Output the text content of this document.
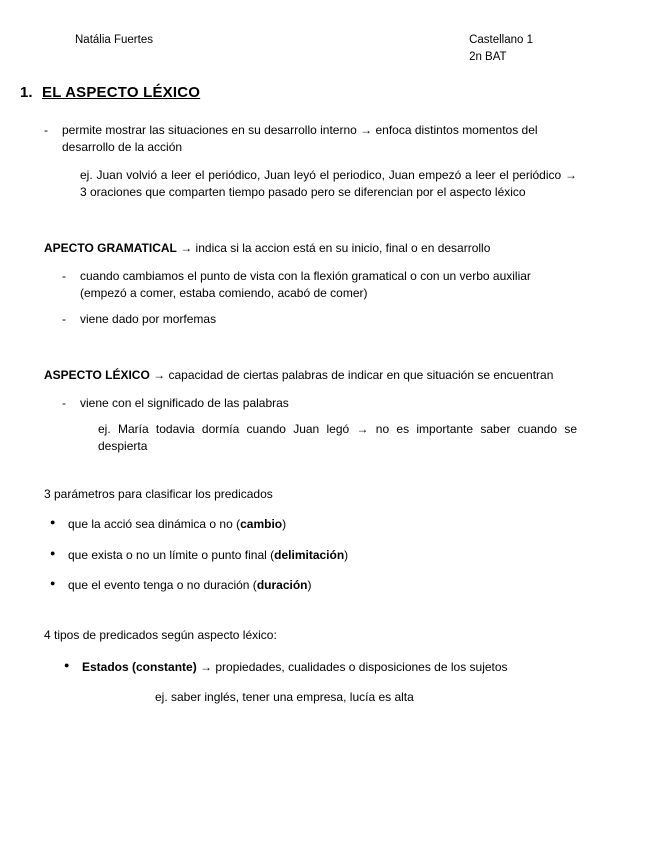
Natália Fuertes	Castellano 1
2n BAT
1. EL ASPECTO LÉXICO
-	permite mostrar las situaciones en su desarrollo interno → enfoca distintos momentos del desarrollo de la acción
ej. Juan volvió a leer el periódico, Juan leyó el periodico, Juan empezó a leer el periódico → 3 oraciones que comparten tiempo pasado pero se diferencian por el aspecto léxico
APECTO GRAMATICAL → indica si la accion está en su inicio, final o en desarrollo
-	cuando cambiamos el punto de vista con la flexión gramatical o con un verbo auxiliar (empezó a comer, estaba comiendo, acabó de comer)
-	viene dado por morfemas
ASPECTO LÉXICO → capacidad de ciertas palabras de indicar en que situación se encuentran
-	viene con el significado de las palabras
ej. María todavia dormía cuando Juan legó → no es importante saber cuando se despierta
3 parámetros para clasificar los predicados
●	que la acció sea dinámica o no (cambio)
●	que exista o no un límite o punto final (delimitación)
●	que el evento tenga o no duración (duración)
4 tipos de predicados según aspecto léxico:
●	Estados (constante) → propiedades, cualidades o disposiciones de los sujetos
ej. saber inglés, tener una empresa, lucía es alta
